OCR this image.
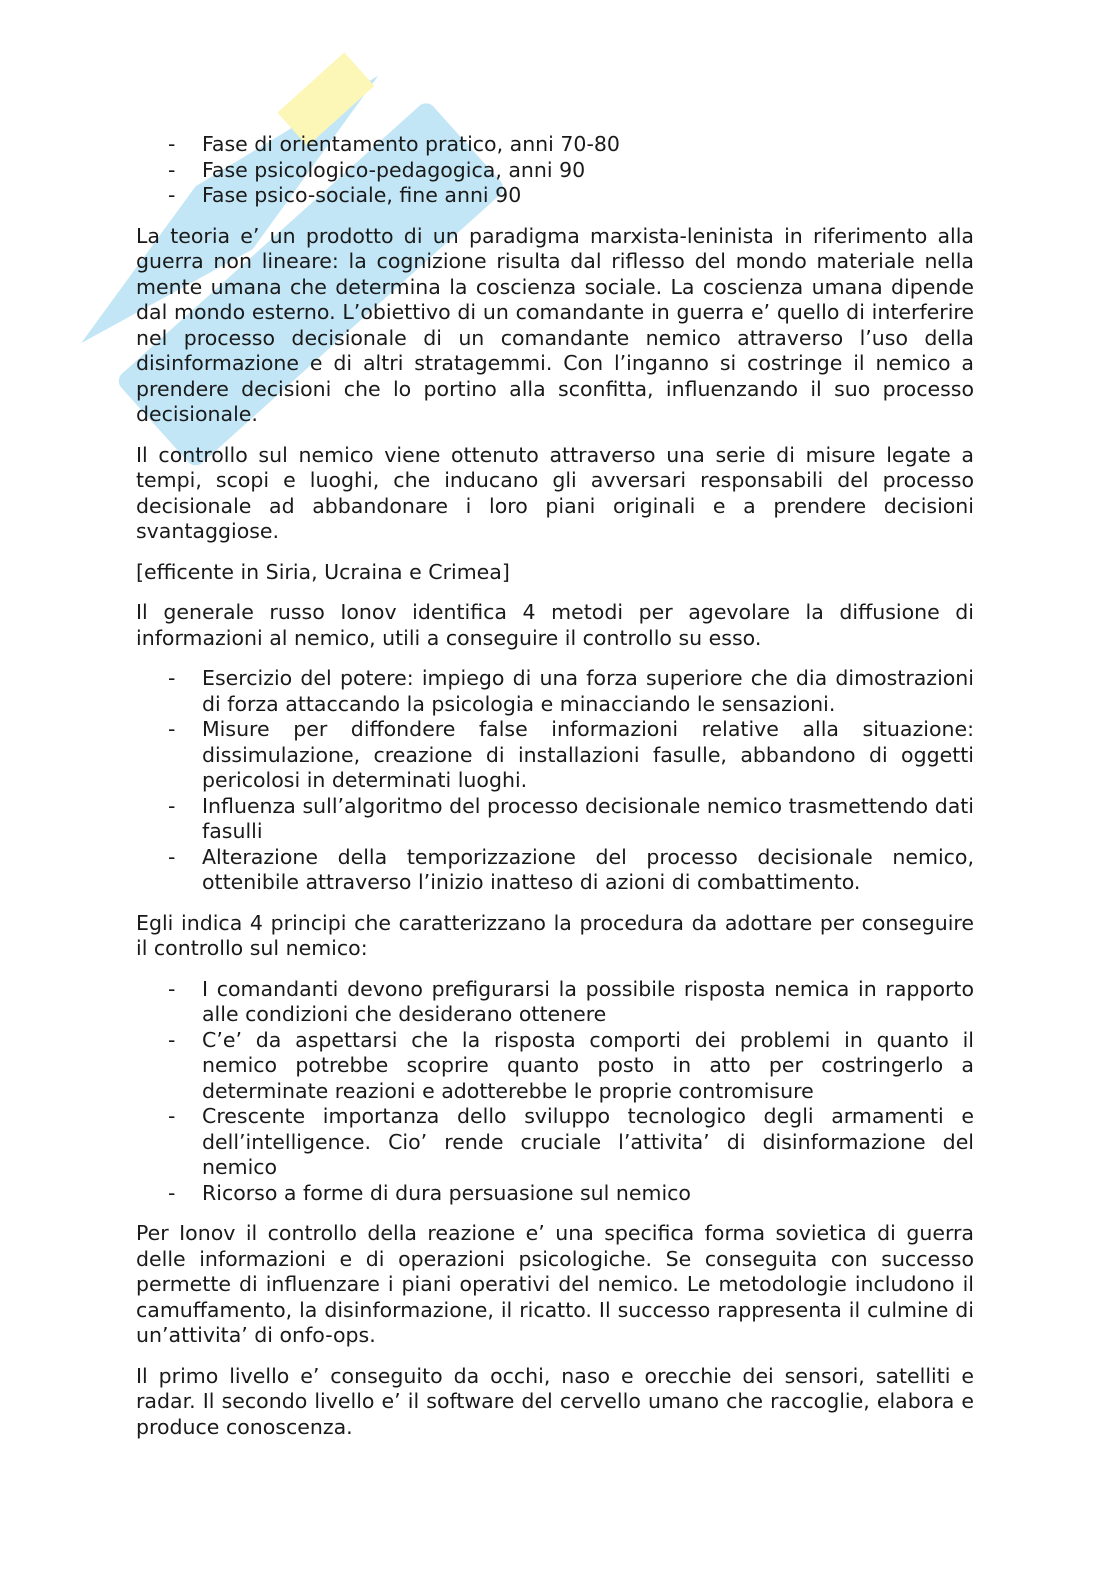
- Fase di orientamento pratico, anni 70-80
- Fase psicologico-pedagogica, anni 90
- Fase psico-sociale, fine anni 90

La teoria e’ un prodotto di un paradigma marxista-leninista in riferimento alla guerra non lineare: la cognizione risulta dal riflesso del mondo materiale nella mente umana che determina la coscienza sociale. La coscienza umana dipende dal mondo esterno. L’obiettivo di un comandante in guerra e’ quello di interferire nel processo decisionale di un comandante nemico attraverso l’uso della disinformazione e di altri stratagemmi. Con l’inganno si costringe il nemico a prendere decisioni che lo portino alla sconfitta, influenzando il suo processo decisionale.

Il controllo sul nemico viene ottenuto attraverso una serie di misure legate a tempi, scopi e luoghi, che inducano gli avversari responsabili del processo decisionale ad abbandonare i loro piani originali e a prendere decisioni svantaggiose.

[efficente in Siria, Ucraina e Crimea]

Il generale russo Ionov identifica 4 metodi per agevolare la diffusione di informazioni al nemico, utili a conseguire il controllo su esso.

- Esercizio del potere: impiego di una forza superiore che dia dimostrazioni di forza attaccando la psicologia e minacciando le sensazioni.
- Misure per diffondere false informazioni relative alla situazione: dissimulazione, creazione di installazioni fasulle, abbandono di oggetti pericolosi in determinati luoghi.
- Influenza sull’algoritmo del processo decisionale nemico trasmettendo dati fasulli
- Alterazione della temporizzazione del processo decisionale nemico, ottenibile attraverso l’inizio inatteso di azioni di combattimento.

Egli indica 4 principi che caratterizzano la procedura da adottare per conseguire il controllo sul nemico:

- I comandanti devono prefigurarsi la possibile risposta nemica in rapporto alle condizioni che desiderano ottenere
- C’e’ da aspettarsi che la risposta comporti dei problemi in quanto il nemico potrebbe scoprire quanto posto in atto per costringerlo a determinate reazioni e adotterebbe le proprie contromisure
- Crescente importanza dello sviluppo tecnologico degli armamenti e dell’intelligence. Cio’ rende cruciale l’attivita’ di disinformazione del nemico
- Ricorso a forme di dura persuasione sul nemico

Per Ionov il controllo della reazione e’ una specifica forma sovietica di guerra delle informazioni e di operazioni psicologiche. Se conseguita con successo permette di influenzare i piani operativi del nemico. Le metodologie includono il camuffamento, la disinformazione, il ricatto. Il successo rappresenta il culmine di un’attivita’ di onfo-ops.

Il primo livello e’ conseguito da occhi, naso e orecchie dei sensori, satelliti e radar. Il secondo livello e’ il software del cervello umano che raccoglie, elabora e produce conoscenza.
